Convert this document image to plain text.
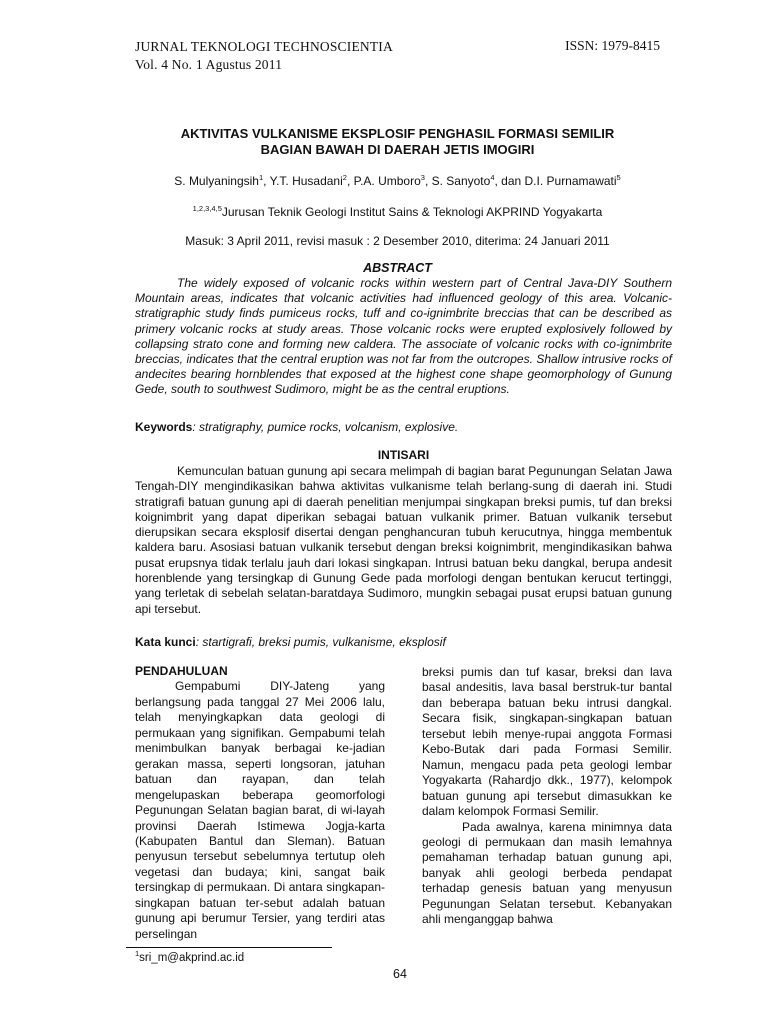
JURNAL TEKNOLOGI TECHNOSCIENTIA
Vol. 4 No. 1 Agustus 2011
ISSN: 1979-8415
AKTIVITAS VULKANISME EKSPLOSIF PENGHASIL FORMASI SEMILIR
BAGIAN BAWAH DI DAERAH JETIS IMOGIRI
S. Mulyaningsih$^1$, Y.T. Husadani$^2$, P.A. Umboro$^3$, S. Sanyoto$^4$, dan D.I. Purnamawati$^5$
$^{1,2,3,4,5}$Jurusan Teknik Geologi Institut Sains & Teknologi AKPRIND Yogyakarta
Masuk: 3 April 2011, revisi masuk : 2 Desember 2010, diterima: 24 Januari 2011
ABSTRACT

The widely exposed of volcanic rocks within western part of Central Java-DIY Southern Mountain areas, indicates that volcanic activities had influenced geology of this area. Volcanic-stratigraphic study finds pumiceus rocks, tuff and co-ignimbrite breccias that can be described as primery volcanic rocks at study areas. Those volcanic rocks were erupted explosively followed by collapsing strato cone and forming new caldera. The associate of volcanic rocks with co-ignimbrite breccias, indicates that the central eruption was not far from the outcropes. Shallow intrusive rocks of andecites bearing hornblendes that exposed at the highest cone shape geomorphology of Gunung Gede, south to southwest Sudimoro, might be as the central eruptions.

Keywords: stratigraphy, pumice rocks, volcanism, explosive.
INTISARI

Kemunculan batuan gunung api secara melimpah di bagian barat Pegunungan Selatan Jawa Tengah-DIY mengindikasikan bahwa aktivitas vulkanisme telah berlang-sung di daerah ini. Studi stratigrafi batuan gunung api di daerah penelitian menjumpai singkapan breksi pumis, tuf dan breksi koignimbrit yang dapat diperikan sebagai batuan vulkanik primer. Batuan vulkanik tersebut dierupsikan secara eksplosif disertai dengan penghancuran tubuh kerucutnya, hingga membentuk kaldera baru. Asosiasi batuan vulkanik tersebut dengan breksi koignimbrit, mengindikasikan bahwa pusat erupsnya tidak terlalu jauh dari lokasi singkapan. Intrusi batuan beku dangkal, berupa andesit horenblende yang tersingkap di Gunung Gede pada morfologi dengan bentukan kerucut tertinggi, yang terletak di sebelah selatan-baratdaya Sudimoro, mungkin sebagai pusat erupsi batuan gunung api tersebut.

Kata kunci: startigrafi, breksi pumis, vulkanisme, eksplosif

PENDAHULUAN

Gempabumi DIY-Jateng yang berlangsung pada tanggal 27 Mei 2006 lalu, telah menyingkapkan data geologi di permukaan yang signifikan. Gempabumi telah menimbulkan banyak berbagai ke-jadian gerakan massa, seperti longsoran, jatuhan batuan dan rayapan, dan telah mengelupaskan beberapa geomorfologi Pegunungan Selatan bagian barat, di wi-layah provinsi Daerah Istimewa Jogja-karta (Kabupaten Bantul dan Sleman). Batuan penyusun tersebut sebelumnya tertutup oleh vegetasi dan budaya; kini, sangat baik tersingkap di permukaan. Di antara singkapan-singkapan batuan ter-sebut adalah batuan gunung api berumur Tersier, yang terdiri atas perselingan

breksi pumis dan tuf kasar, breksi dan lava basal andesitis, lava basal berstruk-tur bantal dan beberapa batuan beku intrusi dangkal. Secara fisik, singkapan-singkapan batuan tersebut lebih menye-rupai anggota Formasi Kebo-Butak dari pada Formasi Semilir. Namun, mengacu pada peta geologi lembar Yogyakarta (Rahardjo dkk., 1977), kelompok batuan gunung api tersebut dimasukkan ke dalam kelompok Formasi Semilir.

Pada awalnya, karena minimnya data geologi di permukaan dan masih lemahnya pemahaman terhadap batuan gunung api, banyak ahli geologi berbeda pendapat terhadap genesis batuan yang menyusun Pegunungan Selatan tersebut. Kebanyakan ahli menganggap bahwa

$^1$sri_m@akprind.ac.id
64
